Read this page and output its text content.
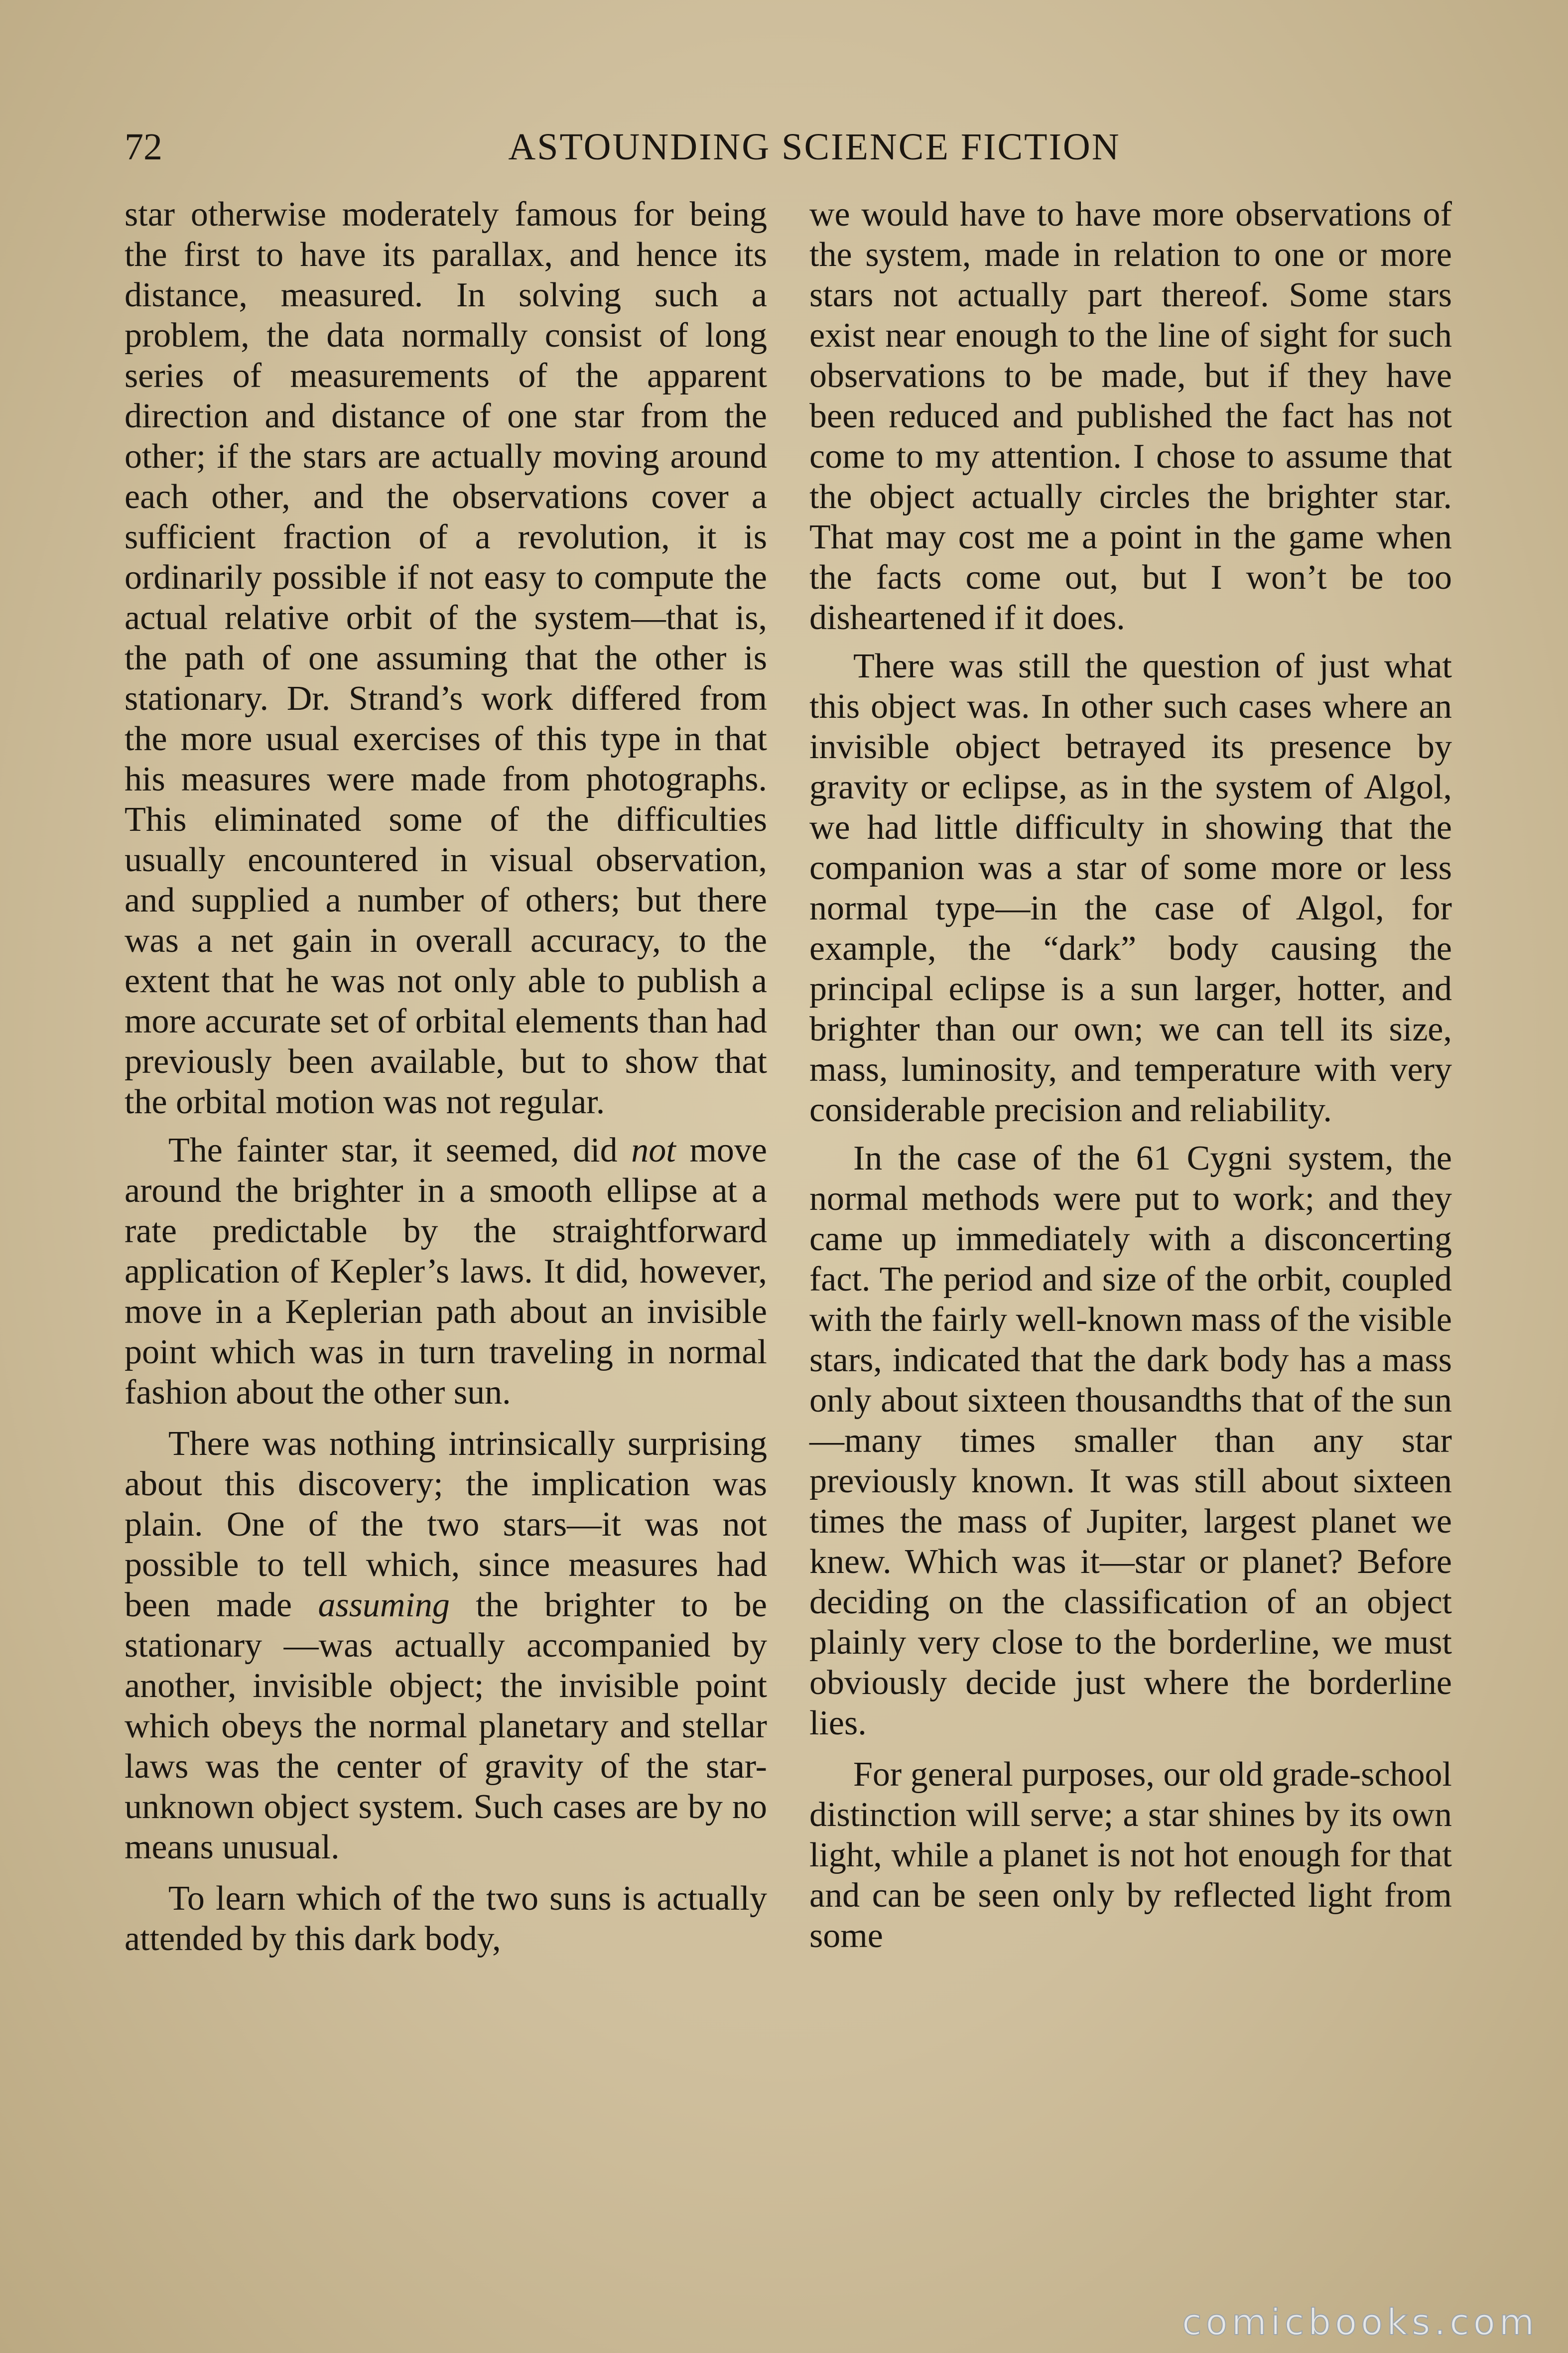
72	ASTOUNDING SCIENCE FICTION

star otherwise moderately famous for being the first to have its parallax, and hence its distance, measured. In solving such a problem, the data normally consist of long series of measurements of the apparent direction and distance of one star from the other; if the stars are actually moving around each other, and the observations cover a sufficient fraction of a revolution, it is ordinarily possible if not easy to compute the actual relative orbit of the system—that is, the path of one assuming that the other is stationary. Dr. Strand’s work differed from the more usual exercises of this type in that his measures were made from photographs. This eliminated some of the difficulties usually encountered in visual observation, and supplied a number of others; but there was a net gain in overall accuracy, to the extent that he was not only able to publish a more accurate set of orbital elements than had previously been available, but to show that the orbital motion was not regular.

The fainter star, it seemed, did not move around the brighter in a smooth ellipse at a rate predictable by the straightforward application of Kepler’s laws. It did, however, move in a Keplerian path about an invisible point which was in turn traveling in normal fashion about the other sun.

There was nothing intrinsically surprising about this discovery; the implication was plain. One of the two stars—it was not possible to tell which, since measures had been made assuming the brighter to be stationary —was actually accompanied by another, invisible object; the invisible point which obeys the normal planetary and stellar laws was the center of gravity of the star-unknown object system. Such cases are by no means unusual.

To learn which of the two suns is actually attended by this dark body,

we would have to have more observations of the system, made in relation to one or more stars not actually part thereof. Some stars exist near enough to the line of sight for such observations to be made, but if they have been reduced and published the fact has not come to my attention. I chose to assume that the object actually circles the brighter star. That may cost me a point in the game when the facts come out, but I won’t be too disheartened if it does.

There was still the question of just what this object was. In other such cases where an invisible object betrayed its presence by gravity or eclipse, as in the system of Algol, we had little difficulty in showing that the companion was a star of some more or less normal type—in the case of Algol, for example, the “dark” body causing the principal eclipse is a sun larger, hotter, and brighter than our own; we can tell its size, mass, luminosity, and temperature with very considerable precision and reliability.

In the case of the 61 Cygni system, the normal methods were put to work; and they came up immediately with a disconcerting fact. The period and size of the orbit, coupled with the fairly well-known mass of the visible stars, indicated that the dark body has a mass only about sixteen thousandths that of the sun—many times smaller than any star previously known. It was still about sixteen times the mass of Jupiter, largest planet we knew. Which was it—star or planet? Before deciding on the classification of an object plainly very close to the borderline, we must obviously decide just where the borderline lies.

For general purposes, our old grade-school distinction will serve; a star shines by its own light, while a planet is not hot enough for that and can be seen only by reflected light from some

comicbooks.com
